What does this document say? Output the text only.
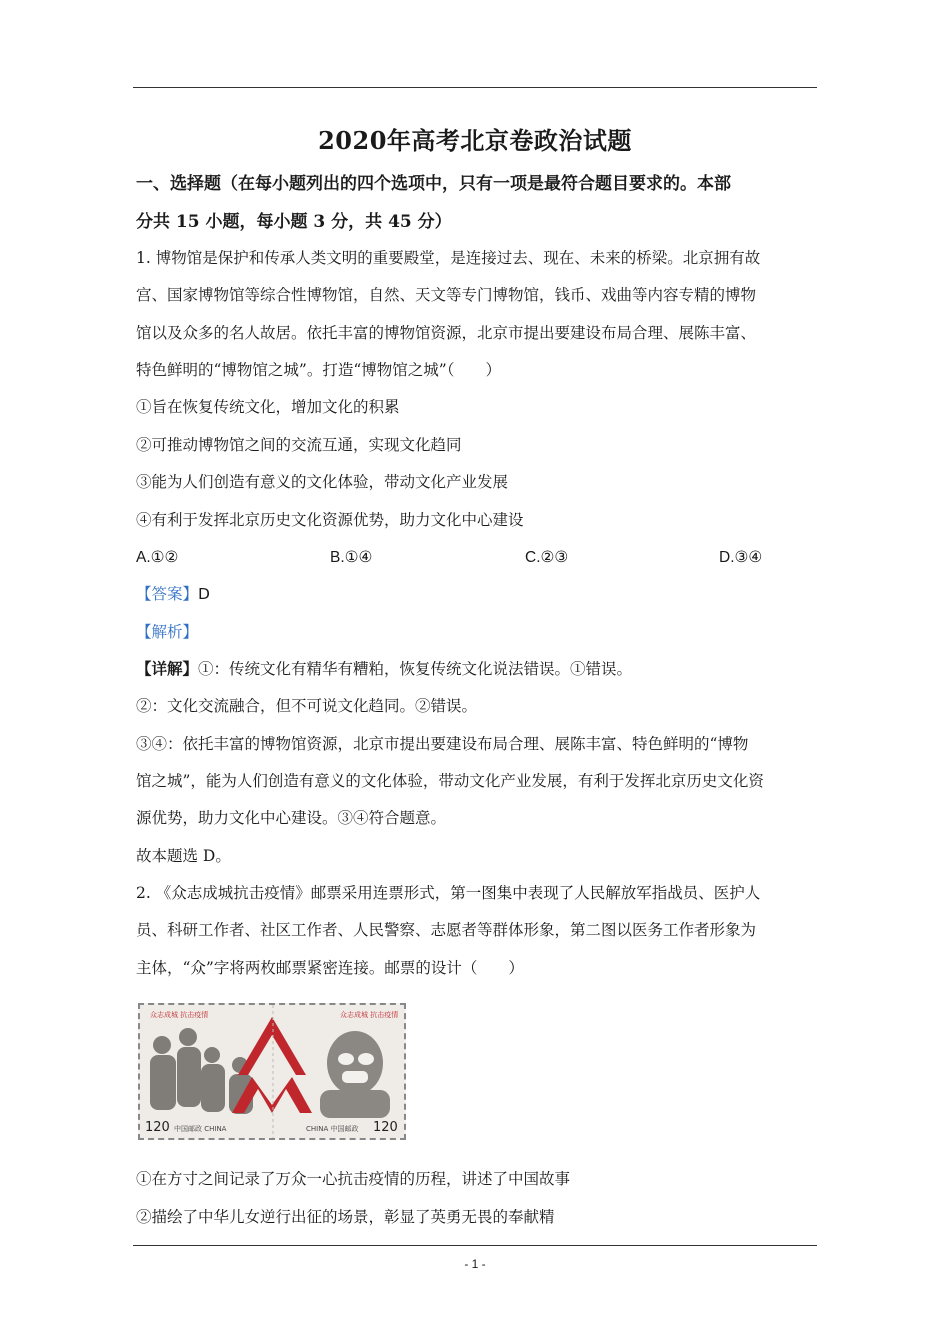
2020年高考北京卷政治试题
一、选择题（在每小题列出的四个选项中，只有一项是最符合题目要求的。本部
分共 15 小题，每小题 3 分，共 45 分）
1. 博物馆是保护和传承人类文明的重要殿堂，是连接过去、现在、未来的桥梁。北京拥有故
宫、国家博物馆等综合性博物馆，自然、天文等专门博物馆，钱币、戏曲等内容专精的博物
馆以及众多的名人故居。依托丰富的博物馆资源，北京市提出要建设布局合理、展陈丰富、
特色鲜明的“博物馆之城”。打造“博物馆之城”（　　）
①旨在恢复传统文化，增加文化的积累
②可推动博物馆之间的交流互通，实现文化趋同
③能为人们创造有意义的文化体验，带动文化产业发展
④有利于发挥北京历史文化资源优势，助力文化中心建设
A.①②	B.①④	C.②③	D.③④
【答案】D
【解析】
【详解】①：传统文化有精华有糟粕，恢复传统文化说法错误。①错误。
②：文化交流融合，但不可说文化趋同。②错误。
③④：依托丰富的博物馆资源，北京市提出要建设布局合理、展陈丰富、特色鲜明的“博物
馆之城”，能为人们创造有意义的文化体验，带动文化产业发展，有利于发挥北京历史文化资
源优势，助力文化中心建设。③④符合题意。
故本题选 D。
2. 《众志成城抗击疫情》邮票采用连票形式，第一图集中表现了人民解放军指战员、医护人
员、科研工作者、社区工作者、人民警察、志愿者等群体形象，第二图以医务工作者形象为
主体，“众”字将两枚邮票紧密连接。邮票的设计（　　）
众志成城 抗击疫情	众志成城 抗击疫情
120 中国邮政 CHINA	CHINA 中国邮政 120
①在方寸之间记录了万众一心抗击疫情的历程，讲述了中国故事
②描绘了中华儿女逆行出征的场景，彰显了英勇无畏的奉献精
- 1 -
